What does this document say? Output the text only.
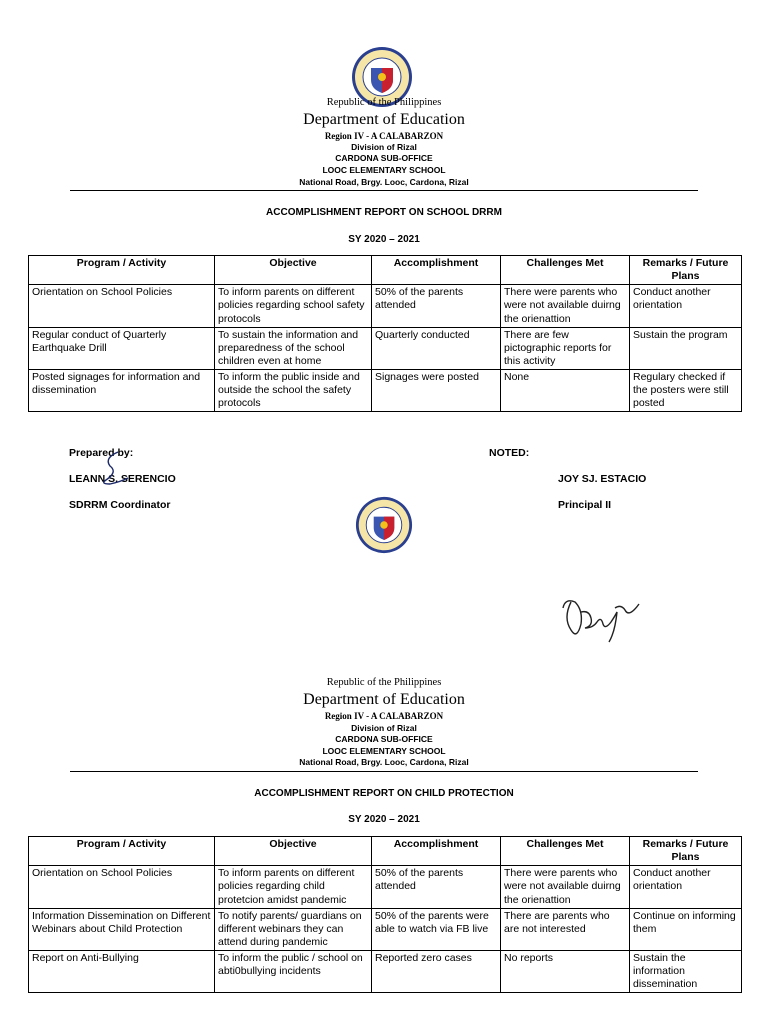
Republic of the Philippines
Department of Education
Region IV - A CALABARZON
Division of Rizal
CARDONA SUB-OFFICE
LOOC ELEMENTARY SCHOOL
National Road, Brgy. Looc, Cardona, Rizal
ACCOMPLISHMENT REPORT ON SCHOOL DRRM
SY 2020 – 2021
Program / Activity	Objective	Accomplishment	Challenges Met	Remarks / Future Plans
Orientation on School Policies	To inform parents on different policies regarding school safety protocols	50% of the parents attended	There were parents who were not available duirng the orienattion	Conduct another orientation
Regular conduct of Quarterly Earthquake Drill	To sustain the information and preparedness of the school children even at home	Quarterly conducted	There are few pictographic reports for this activity	Sustain the program
Posted signages for information and dissemination	To inform the public inside and outside the school the safety protocols	Signages were posted	None	Regulary checked if the posters were still posted
Prepared by:
LEANN S. SERENCIO
SDRRM Coordinator
NOTED:
JOY SJ. ESTACIO
Principal II
Republic of the Philippines
Department of Education
Region IV - A CALABARZON
Division of Rizal
CARDONA SUB-OFFICE
LOOC ELEMENTARY SCHOOL
National Road, Brgy. Looc, Cardona, Rizal
ACCOMPLISHMENT REPORT ON CHILD PROTECTION
SY 2020 – 2021
Program / Activity	Objective	Accomplishment	Challenges Met	Remarks / Future Plans
Orientation on School Policies	To inform parents on different policies regarding child protetcion amidst pandemic	50% of the parents attended	There were parents who were not available duirng the orienattion	Conduct another orientation
Information Dissemination on Different Webinars about Child Protection	To notify parents/ guardians on different webinars they can attend during pandemic	50% of the parents were able to watch via FB live	There are parents who are not interested	Continue on informing them
Report on Anti-Bullying	To inform the public / school on abti0bullying incidents	Reported zero cases	No reports	Sustain the information dissemination
